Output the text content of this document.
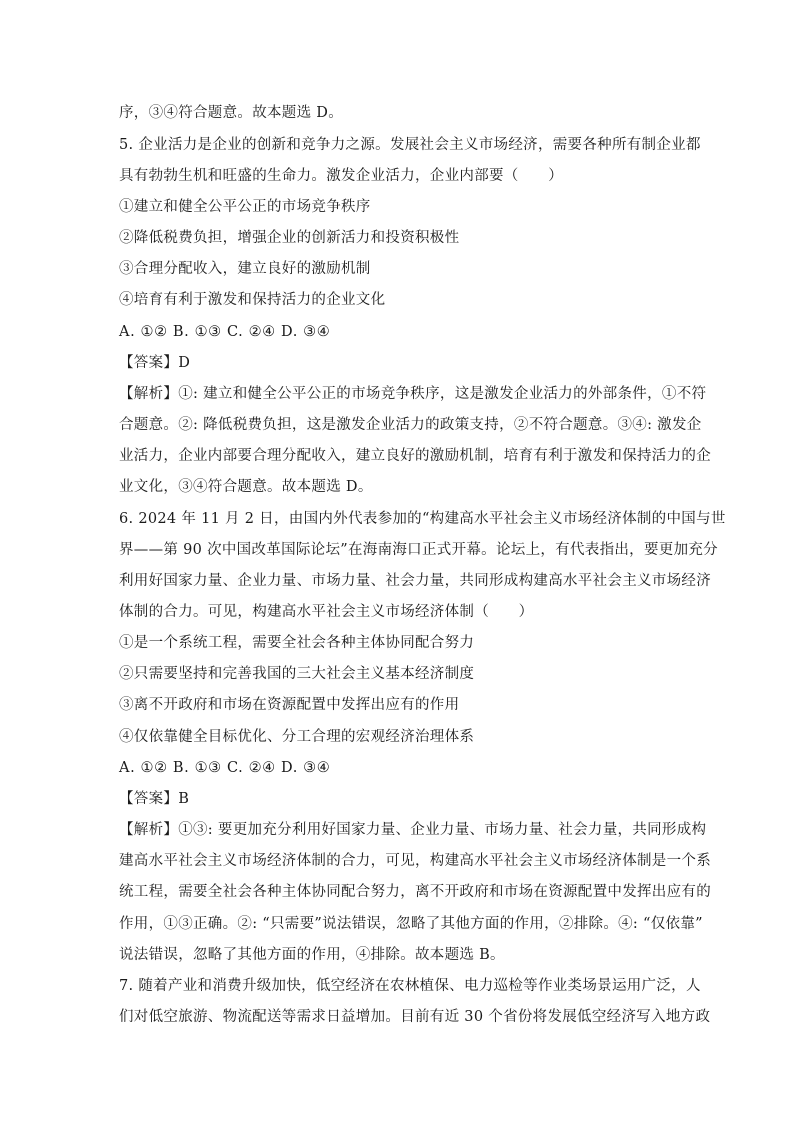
序，③④符合题意。故本题选 D。
5. 企业活力是企业的创新和竞争力之源。发展社会主义市场经济，需要各种所有制企业都
具有勃勃生机和旺盛的生命力。激发企业活力，企业内部要（　　）
①建立和健全公平公正的市场竞争秩序
②降低税费负担，增强企业的创新活力和投资积极性
③合理分配收入，建立良好的激励机制
④培育有利于激发和保持活力的企业文化
A. ①② B. ①③ C. ②④ D. ③④
【答案】D
【解析】①: 建立和健全公平公正的市场竞争秩序，这是激发企业活力的外部条件，①不符
合题意。②: 降低税费负担，这是激发企业活力的政策支持，②不符合题意。③④: 激发企
业活力，企业内部要合理分配收入，建立良好的激励机制，培育有利于激发和保持活力的企
业文化，③④符合题意。故本题选 D。
6. 2024 年 11 月 2 日，由国内外代表参加的“构建高水平社会主义市场经济体制的中国与世
界——第 90 次中国改革国际论坛”在海南海口正式开幕。论坛上，有代表指出，要更加充分
利用好国家力量、企业力量、市场力量、社会力量，共同形成构建高水平社会主义市场经济
体制的合力。可见，构建高水平社会主义市场经济体制（　　）
①是一个系统工程，需要全社会各种主体协同配合努力
②只需要坚持和完善我国的三大社会主义基本经济制度
③离不开政府和市场在资源配置中发挥出应有的作用
④仅依靠健全目标优化、分工合理的宏观经济治理体系
A. ①② B. ①③ C. ②④ D. ③④
【答案】B
【解析】①③: 要更加充分利用好国家力量、企业力量、市场力量、社会力量，共同形成构
建高水平社会主义市场经济体制的合力，可见，构建高水平社会主义市场经济体制是一个系
统工程，需要全社会各种主体协同配合努力，离不开政府和市场在资源配置中发挥出应有的
作用，①③正确。②: “只需要”说法错误，忽略了其他方面的作用，②排除。④: “仅依靠”
说法错误，忽略了其他方面的作用，④排除。故本题选 B。
7. 随着产业和消费升级加快，低空经济在农林植保、电力巡检等作业类场景运用广泛，人
们对低空旅游、物流配送等需求日益增加。目前有近 30 个省份将发展低空经济写入地方政
